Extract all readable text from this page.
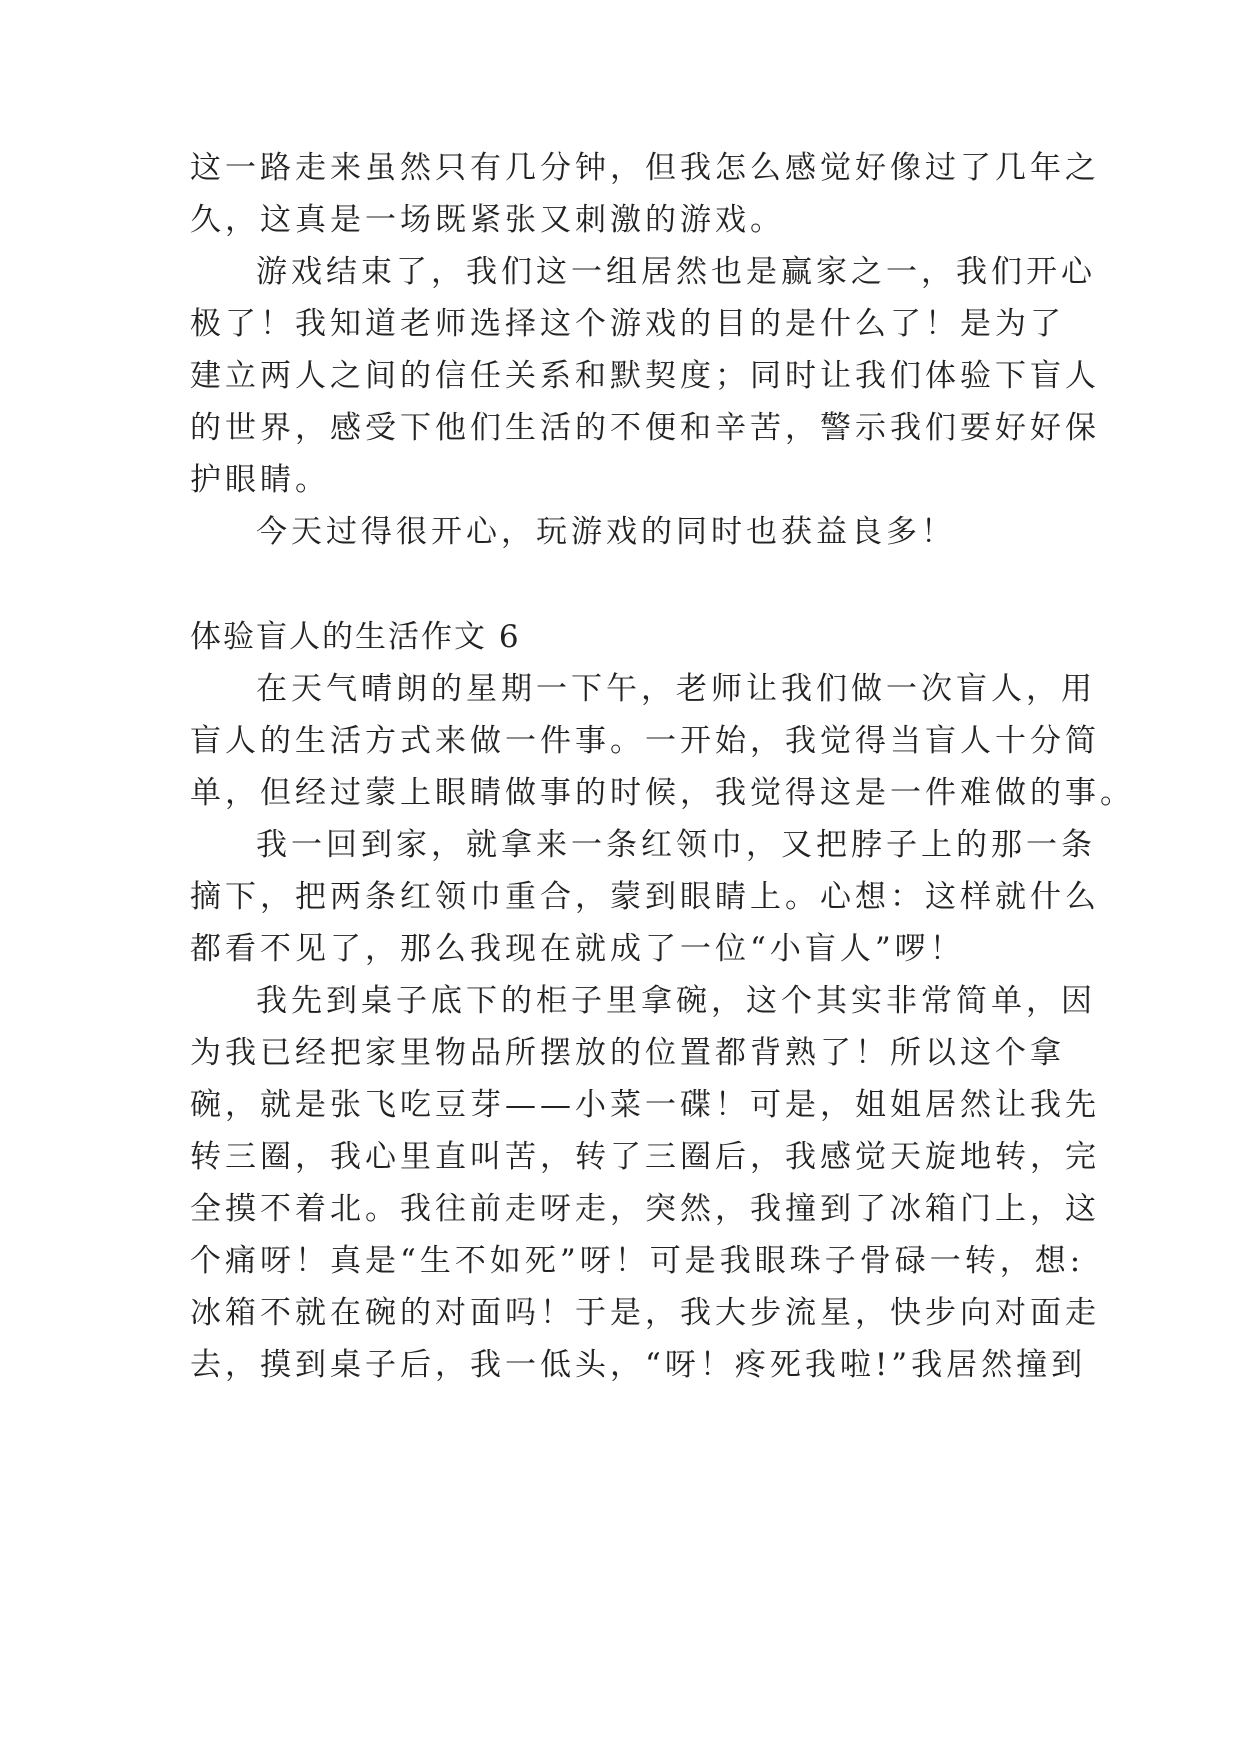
这一路走来虽然只有几分钟，但我怎么感觉好像过了几年之
久，这真是一场既紧张又刺激的游戏。
游戏结束了，我们这一组居然也是赢家之一，我们开心
极了！我知道老师选择这个游戏的目的是什么了！是为了
建立两人之间的信任关系和默契度；同时让我们体验下盲人
的世界，感受下他们生活的不便和辛苦，警示我们要好好保
护眼睛。
今天过得很开心，玩游戏的同时也获益良多！
体验盲人的生活作文 6
在天气晴朗的星期一下午，老师让我们做一次盲人，用
盲人的生活方式来做一件事。一开始，我觉得当盲人十分简
单，但经过蒙上眼睛做事的时候，我觉得这是一件难做的事。
我一回到家，就拿来一条红领巾，又把脖子上的那一条
摘下，把两条红领巾重合，蒙到眼睛上。心想：这样就什么
都看不见了，那么我现在就成了一位“小盲人”啰！
我先到桌子底下的柜子里拿碗，这个其实非常简单，因
为我已经把家里物品所摆放的位置都背熟了！所以这个拿
碗，就是张飞吃豆芽——小菜一碟！可是，姐姐居然让我先
转三圈，我心里直叫苦，转了三圈后，我感觉天旋地转，完
全摸不着北。我往前走呀走，突然，我撞到了冰箱门上，这
个痛呀！真是“生不如死”呀！可是我眼珠子骨碌一转，想:
冰箱不就在碗的对面吗！于是，我大步流星，快步向对面走
去，摸到桌子后，我一低头，“呀！疼死我啦!”我居然撞到
